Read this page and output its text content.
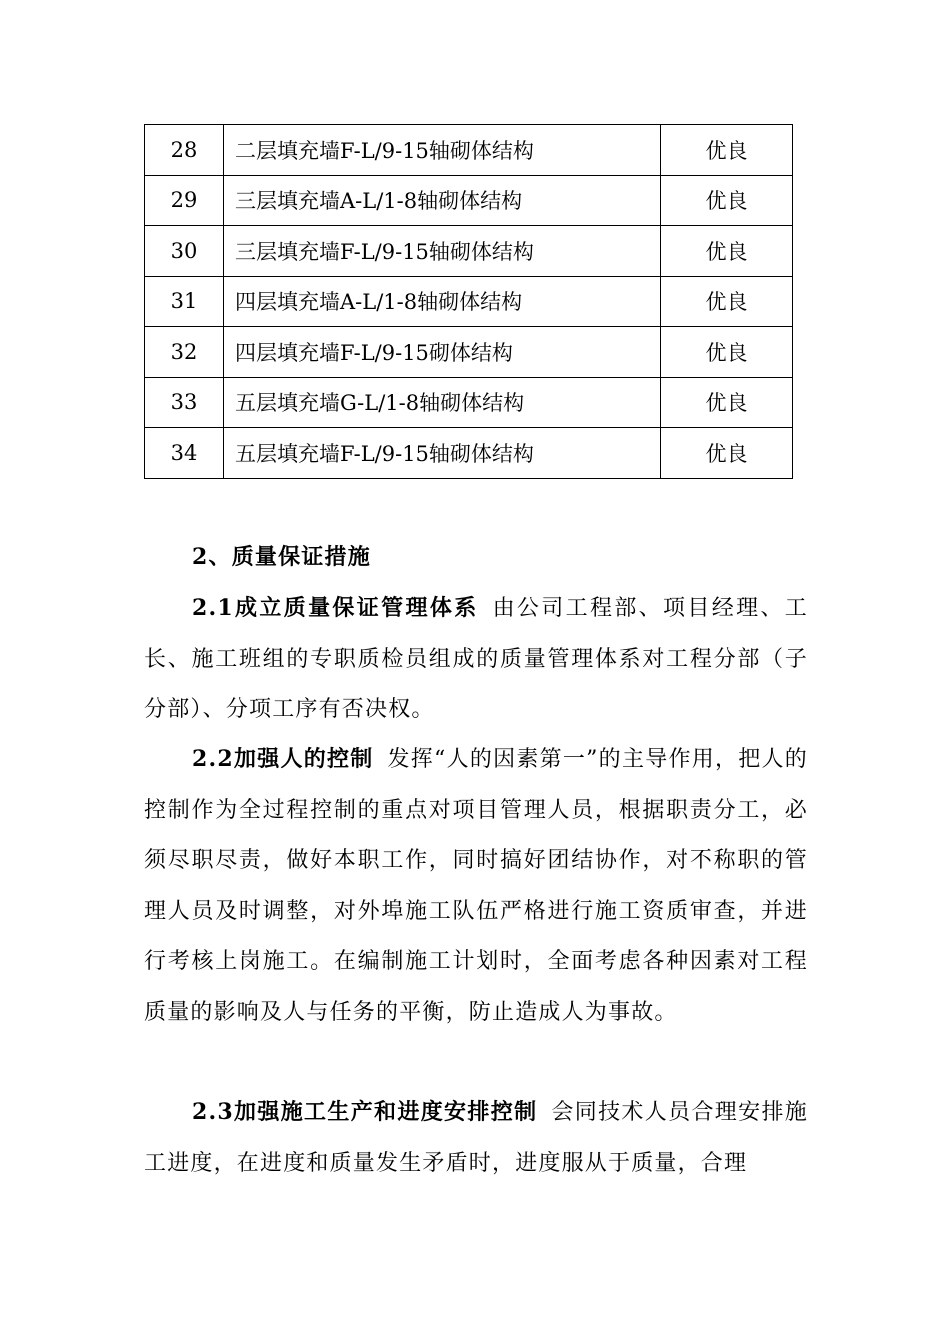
28	二层填充墙F-L/9-15轴砌体结构	优良
29	三层填充墙A-L/1-8轴砌体结构	优良
30	三层填充墙F-L/9-15轴砌体结构	优良
31	四层填充墙A-L/1-8轴砌体结构	优良
32	四层填充墙F-L/9-15砌体结构	优良
33	五层填充墙G-L/1-8轴砌体结构	优良
34	五层填充墙F-L/9-15轴砌体结构	优良
2、质量保证措施
2.1成立质量保证管理体系 由公司工程部、项目经理、工长、施工班组的专职质检员组成的质量管理体系对工程分部（子分部）、分项工序有否决权。
2.2加强人的控制 发挥“人的因素第一”的主导作用，把人的控制作为全过程控制的重点对项目管理人员，根据职责分工，必须尽职尽责，做好本职工作，同时搞好团结协作，对不称职的管理人员及时调整，对外埠施工队伍严格进行施工资质审查，并进行考核上岗施工。在编制施工计划时，全面考虑各种因素对工程质量的影响及人与任务的平衡，防止造成人为事故。
2.3加强施工生产和进度安排控制 会同技术人员合理安排施工进度，在进度和质量发生矛盾时，进度服从于质量，合理
